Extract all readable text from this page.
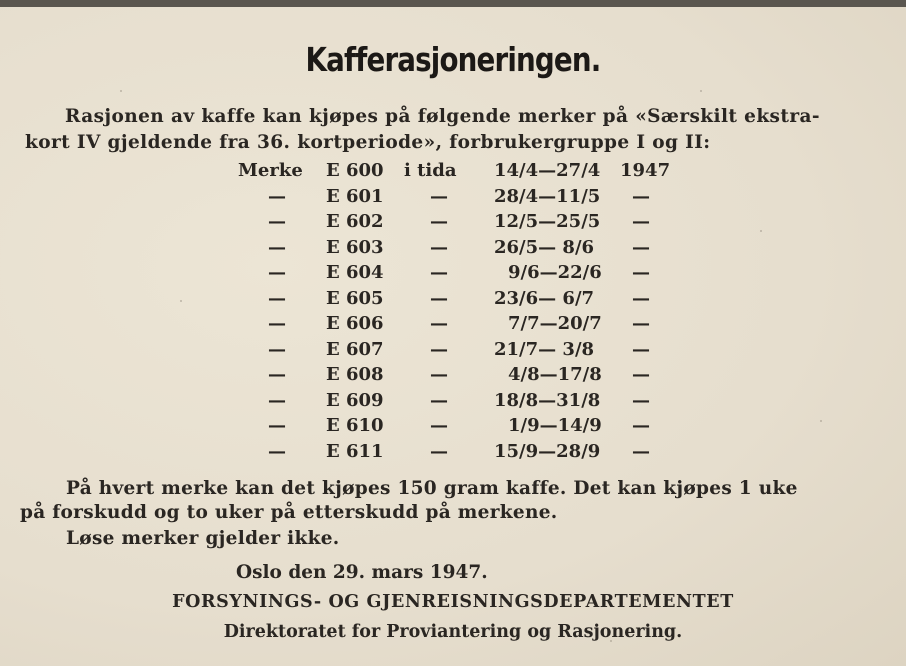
Kafferasjoneringen.
Rasjonen av kaffe kan kjøpes på følgende merker på «Særskilt ekstra-
kort IV gjeldende fra 36. kortperiode», forbrukergruppe I og II:
Merke E 600 i tida 14/4—27/4 1947
— E 601	—	28/4—11/5 —
— E 602	—	12/5—25/5 —
— E 603	—	26/5— 8/6 —
— E 604	—	9/6—22/6 —
— E 605	—	23/6— 6/7 —
— E 606	—	7/7—20/7 —
— E 607	—	21/7— 3/8 —
— E 608	—	4/8—17/8 —
— E 609	—	18/8—31/8 —
— E 610	—	1/9—14/9 —
— E 611	—	15/9—28/9 —
På hvert merke kan det kjøpes 150 gram kaffe. Det kan kjøpes 1 uke
på forskudd og to uker på etterskudd på merkene.
Løse merker gjelder ikke.
Oslo den 29. mars 1947.
FORSYNINGS- OG GJENREISNINGSDEPARTEMENTET
Direktoratet for Proviantering og Rasjonering.
